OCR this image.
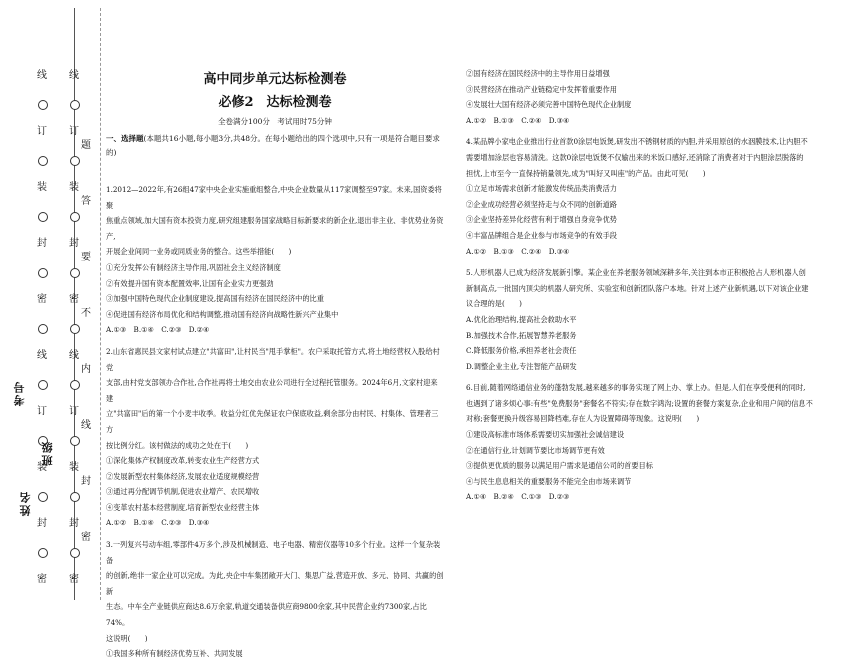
线
线
订
订
装
装
封
封
密
密
线
线
订
订
装
装
封
封
密
密
题
答
要
不
内
线
封
密
姓名
班级
考号
高中同步单元达标检测卷
必修2　达标检测卷
全卷满分100分　考试用时75分钟
一、选择题(本题共16小题,每小题3分,共48分。在每小题给出的四个选项中,只有一项是符合题目要求的)

1.2012—2022年,有26组47家中央企业实施重组整合,中央企业数量从117家调整至97家。未来,国资委将聚

焦重点领域,加大国有资本投资力度,研究组建服务国家战略目标新要求的新企业,退出非主业、非优势业务资产,

开展企业间同一业务或同质业务的整合。这些举措能(　　)

①充分发挥公有制经济主导作用,巩固社会主义经济制度

②有效提升国有资本配置效率,让国有企业实力更强劲

③加强中国特色现代企业制度建设,提高国有经济在国民经济中的比重

④促进国有经济布局优化和结构调整,推动国有经济向战略性新兴产业集中

A.①③　B.①④　C.②③　D.②④

2.山东省惠民县文家村试点建立"共富田",让村民当"甩手掌柜"。农户采取托管方式,将土地经营权入股给村党

支部,由村党支部领办合作社,合作社再将土地交由农业公司进行全过程托管服务。2024年6月,文家村迎来建

立"共富田"后的第一个小麦丰收季。收益分红优先保证农户保底收益,剩余部分由村民、村集体、管理者三方

按比例分红。该村做法的成功之处在于(　　)

①深化集体产权制度改革,转变农业生产经营方式

②发展新型农村集体经济,发展农业适度规模经营

③通过再分配调节机制,促进农业增产、农民增收

④变革农村基本经营制度,培育新型农业经营主体

A.①②　B.①④　C.②③　D.③④

3.一列复兴号动车组,零部件4万多个,涉及机械制造、电子电器、精密仪器等10多个行业。这样一个复杂装备

的创新,绝非一家企业可以完成。为此,央企中车集团敞开大门、集思广益,营造开放、多元、协同、共赢的创新

生态。中车全产业链供应商达8.6万余家,轨道交通装备供应商9800余家,其中民营企业约7300家,占比74%。

这说明(　　)

①我国多种所有制经济优势互补、共同发展

②国有经济在国民经济中的主导作用日益增强

③民营经济在推动产业链稳定中发挥着重要作用

④发展壮大国有经济必须完善中国特色现代企业制度

A.①②　B.①③　C.②④　D.③④

4.某品牌小家电企业推出行业首款0涂层电饭煲,研发出不锈钢材质的内胆,并采用原创的水洇膜技术,让内胆不

需要增加涂层也容易清洗。这款0涂层电饭煲不仅输出来的米饭口感好,还消除了消费者对于内胆涂层脱落的

担忧,上市至今一直保持销量领先,成为"叫好又叫座"的产品。由此可见(　　)

①立足市场需求创新才能激发传统品类消费活力

②企业成功经营必须坚持走与众不同的创新道路

③企业坚持差异化经营有利于增强自身竞争优势

④丰富品牌组合是企业参与市场竞争的有效手段

A.①②　B.①③　C.②④　D.③④

5.人形机器人已成为经济发展新引擎。某企业在养老服务领域深耕多年,关注到本市正积极抢占人形机器人创

新制高点,一批国内顶尖的机器人研究所、实验室和创新团队落户本地。针对上述产业新机遇,以下对该企业建

议合理的是(　　)

A.优化治理结构,提高社会救助水平

B.加强技术合作,拓展智慧养老服务

C.降低服务价格,承担养老社会责任

D.调整企业主业,专注智能产品研发

6.目前,随着网络通信业务的蓬勃发展,越来越多的事务实现了网上办、掌上办。但是,人们在享受便利的同时,

也遇到了诸多烦心事:有些"免费服务"套餐名不符实;存在数字鸿沟;设置的套餐方案复杂,企业和用户间的信息不

对称;套餐更换升级容易回降档难,存在人为设置障碍等现象。这说明(　　)

①建设高标准市场体系需要切实加强社会诚信建设

②在通信行业,计划调节要比市场调节更有效

③提供更优质的服务以满足用户需求是通信公司的首要目标

④与民生息息相关的重要服务不能完全由市场来调节

A.①④　B.②④　C.①③　D.②③
